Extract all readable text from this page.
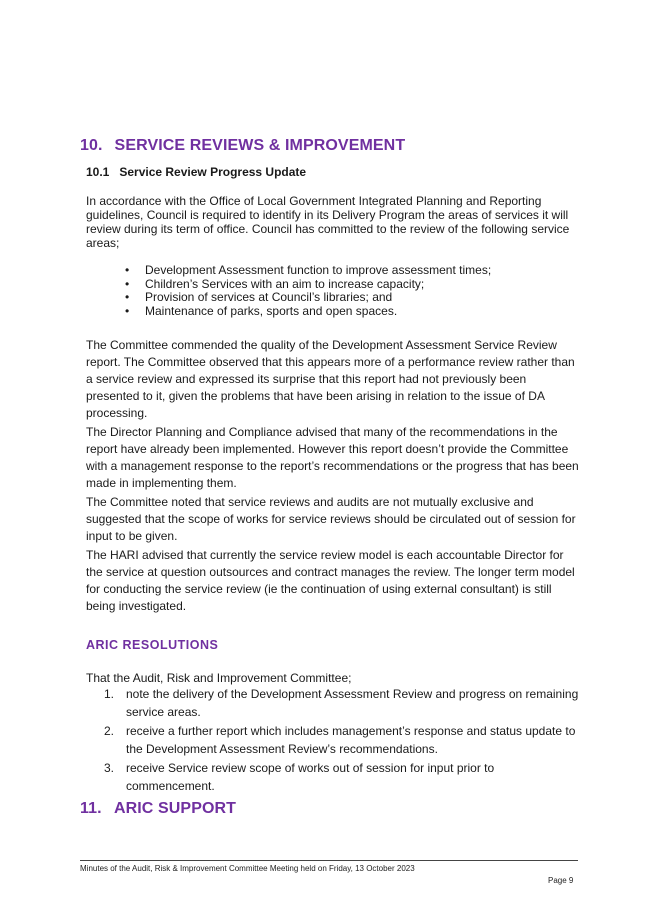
10. SERVICE REVIEWS & IMPROVEMENT
10.1 Service Review Progress Update
In accordance with the Office of Local Government Integrated Planning and Reporting guidelines, Council is required to identify in its Delivery Program the areas of services it will review during its term of office. Council has committed to the review of the following service areas;
• Development Assessment function to improve assessment times;
• Children’s Services with an aim to increase capacity;
• Provision of services at Council’s libraries; and
• Maintenance of parks, sports and open spaces.
The Committee commended the quality of the Development Assessment Service Review report. The Committee observed that this appears more of a performance review rather than a service review and expressed its surprise that this report had not previously been presented to it, given the problems that have been arising in relation to the issue of DA processing.
The Director Planning and Compliance advised that many of the recommendations in the report have already been implemented. However this report doesn’t provide the Committee with a management response to the report’s recommendations or the progress that has been made in implementing them.
The Committee noted that service reviews and audits are not mutually exclusive and suggested that the scope of works for service reviews should be circulated out of session for input to be given.
The HARI advised that currently the service review model is each accountable Director for the service at question outsources and contract manages the review. The longer term model for conducting the service review (ie the continuation of using external consultant) is still being investigated.
ARIC RESOLUTIONS
That the Audit, Risk and Improvement Committee;
1. note the delivery of the Development Assessment Review and progress on remaining service areas.
2. receive a further report which includes management’s response and status update to the Development Assessment Review’s recommendations.
3. receive Service review scope of works out of session for input prior to commencement.
11. ARIC SUPPORT
Minutes of the Audit, Risk & Improvement Committee Meeting held on Friday, 13 October 2023
Page 9
